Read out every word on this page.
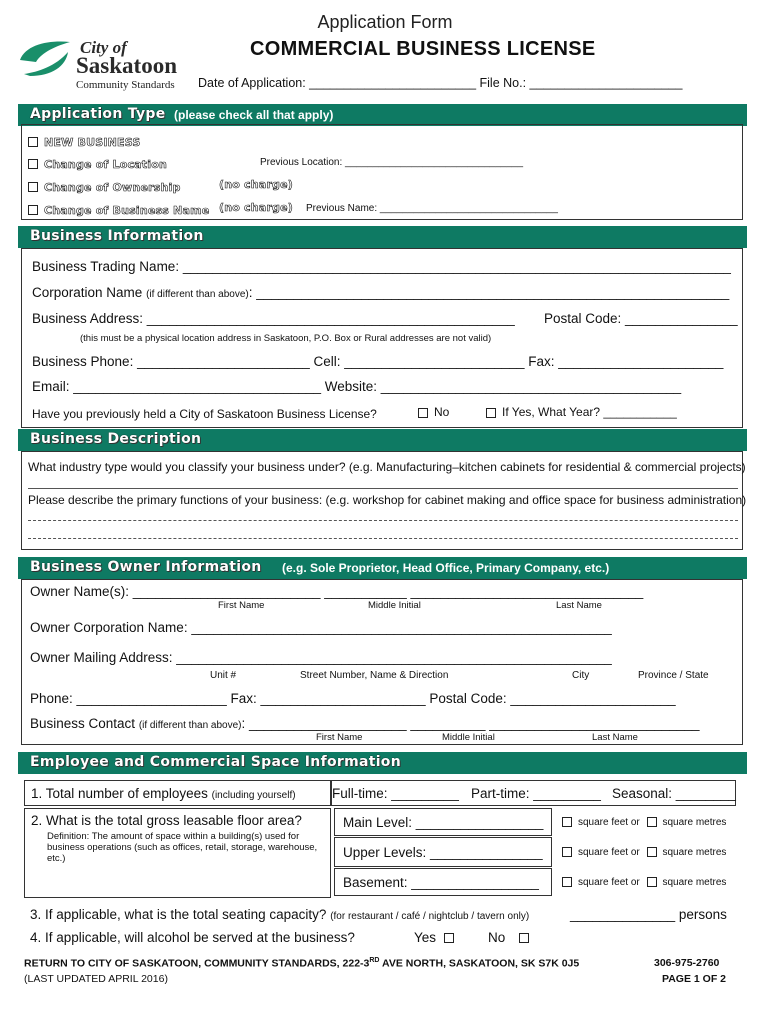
Application Form
City of
Saskatoon
Community Standards
COMMERCIAL BUSINESS LICENSE
Date of Application: ________________________ File No.: ______________________
Application Type (please check all that apply)
NEW BUSINESS
Change of Location	Previous Location: ________________________________
Change of Ownership	(no charge)
Change of Business Name (no charge) Previous Name: ________________________________
Business Information
Business Trading Name: _________________________________________________________________________
Corporation Name (if different than above): _______________________________________________________________
Business Address: _________________________________________________ Postal Code: _______________
(this must be a physical location address in Saskatoon, P.O. Box or Rural addresses are not valid)
Business Phone: _______________________ Cell: ________________________ Fax: ______________________
Email: _________________________________ Website: ________________________________________
Have you previously held a City of Saskatoon Business License?	No	If Yes, What Year? ___________
Business Description
What industry type would you classify your business under? (e.g. Manufacturing–kitchen cabinets for residential & commercial projects)
Please describe the primary functions of your business: (e.g. workshop for cabinet making and office space for business administration)
Business Owner Information (e.g. Sole Proprietor, Head Office, Primary Company, etc.)
Owner Name(s): _________________________ ___________ _______________________________
First Name	Middle Initial	Last Name
Owner Corporation Name: ________________________________________________________
Owner Mailing Address: __________________________________________________________
Unit #	Street Number, Name & Direction	City	Province / State
Phone: ____________________ Fax: ______________________ Postal Code: ______________________
Business Contact (if different than above): _____________________ __________ ____________________________
First Name	Middle Initial	Last Name
Employee and Commercial Space Information
1. Total number of employees (including yourself)	Full-time: _________ Part-time: _________ Seasonal: ________
2. What is the total gross leasable floor area?
Definition: The amount of space within a building(s) used for business operations (such as offices, retail, storage, warehouse, etc.)
Main Level: _________________	square feet or square metres
Upper Levels: _______________	square feet or square metres
Basement: _________________	square feet or square metres
3. If applicable, what is the total seating capacity? (for restaurant / café / nightclub / tavern only)	______________ persons
4. If applicable, will alcohol be served at the business?	Yes	No
RETURN TO CITY OF SASKATOON, COMMUNITY STANDARDS, 222-3RD AVE NORTH, SASKATOON, SK S7K 0J5	306-975-2760
(LAST UPDATED APRIL 2016)	PAGE 1 OF 2
